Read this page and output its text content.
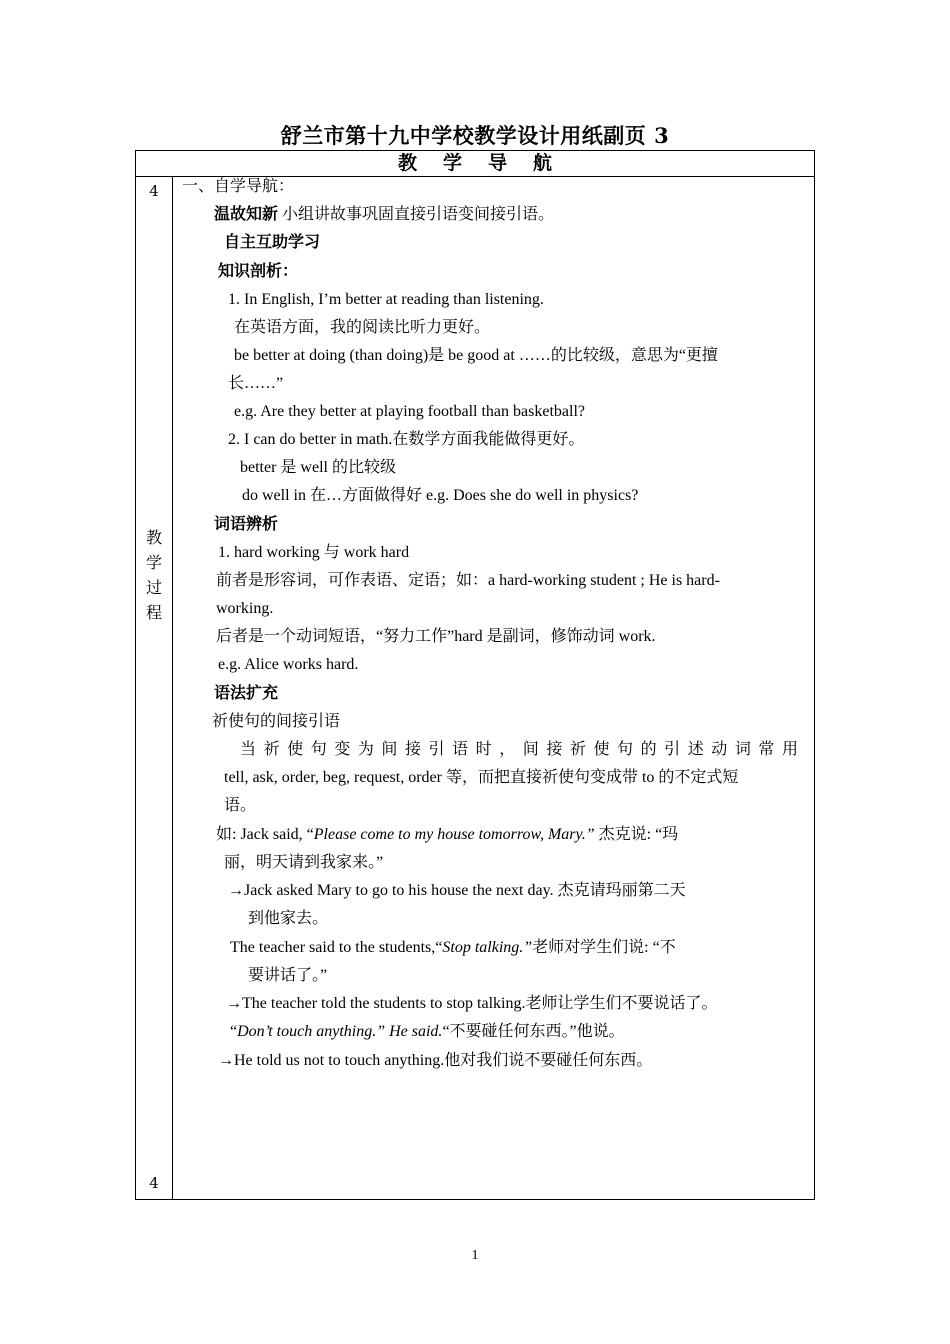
舒兰市第十九中学校教学设计用纸副页 3
教学导航
4
教
学
过
程
4
一、自学导航：
温故知新 小组讲故事巩固直接引语变间接引语。
自主互助学习
知识剖析：
1. In English, I’m better at reading than listening.
在英语方面，我的阅读比听力更好。
be better at doing (than doing)是 be good at ……的比较级，意思为“更擅
长……”
e.g. Are they better at playing football than basketball?
2. I can do better in math.在数学方面我能做得更好。
better 是 well 的比较级
do well in 在…方面做得好 e.g. Does she do well in physics?
词语辨析
1. hard working 与 work hard
前者是形容词，可作表语、定语；如：a hard-working student ; He is hard-
working.
后者是一个动词短语，“努力工作”hard 是副词，修饰动词 work.
e.g. Alice works hard.
语法扩充
祈使句的间接引语
当祈使句变为间接引语时，间接祈使句的引述动词常用
tell, ask, order, beg, request, order 等，而把直接祈使句变成带 to 的不定式短
语。
如: Jack said, “Please come to my house tomorrow, Mary.” 杰克说: “玛
丽，明天请到我家来。”
→Jack asked Mary to go to his house the next day. 杰克请玛丽第二天
到他家去。
The teacher said to the students,“Stop talking.”老师对学生们说: “不
要讲话了。”
→The teacher told the students to stop talking.老师让学生们不要说话了。
“Don’t touch anything.” He said.“不要碰任何东西。”他说。
→He told us not to touch anything.他对我们说不要碰任何东西。
1
